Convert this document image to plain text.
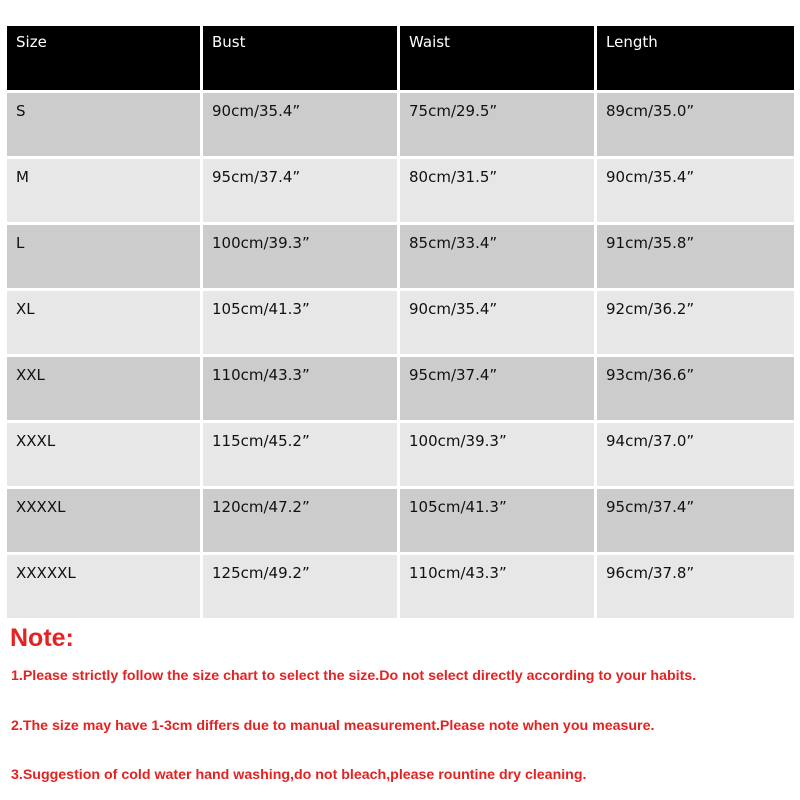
Size	Bust	Waist	Length
S	90cm/35.4”	75cm/29.5”	89cm/35.0”
M	95cm/37.4”	80cm/31.5”	90cm/35.4”
L	100cm/39.3”	85cm/33.4”	91cm/35.8”
XL	105cm/41.3”	90cm/35.4”	92cm/36.2”
XXL	110cm/43.3”	95cm/37.4”	93cm/36.6”
XXXL	115cm/45.2”	100cm/39.3”	94cm/37.0”
XXXXL	120cm/47.2”	105cm/41.3”	95cm/37.4”
XXXXXL	125cm/49.2”	110cm/43.3”	96cm/37.8”

Note:

1.Please strictly follow the size chart to select the size.Do not select directly according to your habits.

2.The size may have 1-3cm differs due to manual measurement.Please note when you measure.

3.Suggestion of cold water hand washing,do not bleach,please rountine dry cleaning.
